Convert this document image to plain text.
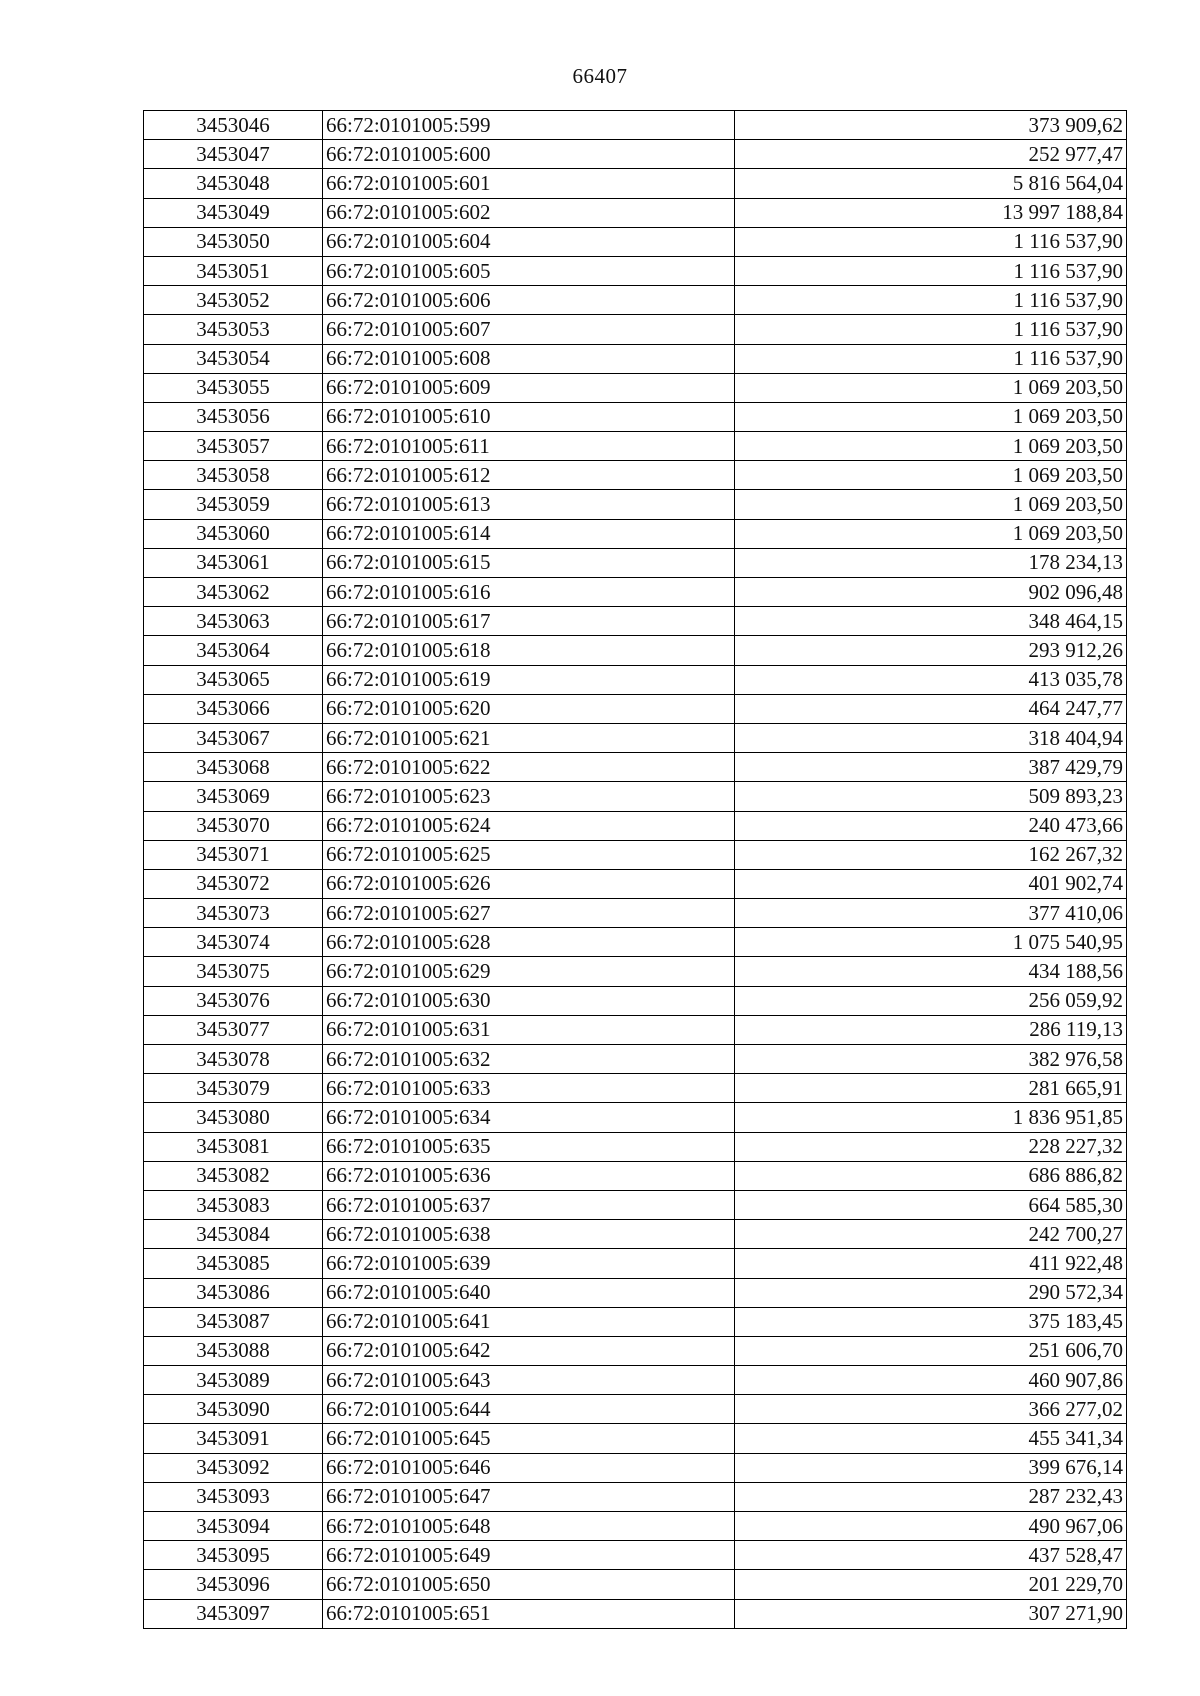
66407
3453046	66:72:0101005:599	373 909,62
3453047	66:72:0101005:600	252 977,47
3453048	66:72:0101005:601	5 816 564,04
3453049	66:72:0101005:602	13 997 188,84
3453050	66:72:0101005:604	1 116 537,90
3453051	66:72:0101005:605	1 116 537,90
3453052	66:72:0101005:606	1 116 537,90
3453053	66:72:0101005:607	1 116 537,90
3453054	66:72:0101005:608	1 116 537,90
3453055	66:72:0101005:609	1 069 203,50
3453056	66:72:0101005:610	1 069 203,50
3453057	66:72:0101005:611	1 069 203,50
3453058	66:72:0101005:612	1 069 203,50
3453059	66:72:0101005:613	1 069 203,50
3453060	66:72:0101005:614	1 069 203,50
3453061	66:72:0101005:615	178 234,13
3453062	66:72:0101005:616	902 096,48
3453063	66:72:0101005:617	348 464,15
3453064	66:72:0101005:618	293 912,26
3453065	66:72:0101005:619	413 035,78
3453066	66:72:0101005:620	464 247,77
3453067	66:72:0101005:621	318 404,94
3453068	66:72:0101005:622	387 429,79
3453069	66:72:0101005:623	509 893,23
3453070	66:72:0101005:624	240 473,66
3453071	66:72:0101005:625	162 267,32
3453072	66:72:0101005:626	401 902,74
3453073	66:72:0101005:627	377 410,06
3453074	66:72:0101005:628	1 075 540,95
3453075	66:72:0101005:629	434 188,56
3453076	66:72:0101005:630	256 059,92
3453077	66:72:0101005:631	286 119,13
3453078	66:72:0101005:632	382 976,58
3453079	66:72:0101005:633	281 665,91
3453080	66:72:0101005:634	1 836 951,85
3453081	66:72:0101005:635	228 227,32
3453082	66:72:0101005:636	686 886,82
3453083	66:72:0101005:637	664 585,30
3453084	66:72:0101005:638	242 700,27
3453085	66:72:0101005:639	411 922,48
3453086	66:72:0101005:640	290 572,34
3453087	66:72:0101005:641	375 183,45
3453088	66:72:0101005:642	251 606,70
3453089	66:72:0101005:643	460 907,86
3453090	66:72:0101005:644	366 277,02
3453091	66:72:0101005:645	455 341,34
3453092	66:72:0101005:646	399 676,14
3453093	66:72:0101005:647	287 232,43
3453094	66:72:0101005:648	490 967,06
3453095	66:72:0101005:649	437 528,47
3453096	66:72:0101005:650	201 229,70
3453097	66:72:0101005:651	307 271,90
